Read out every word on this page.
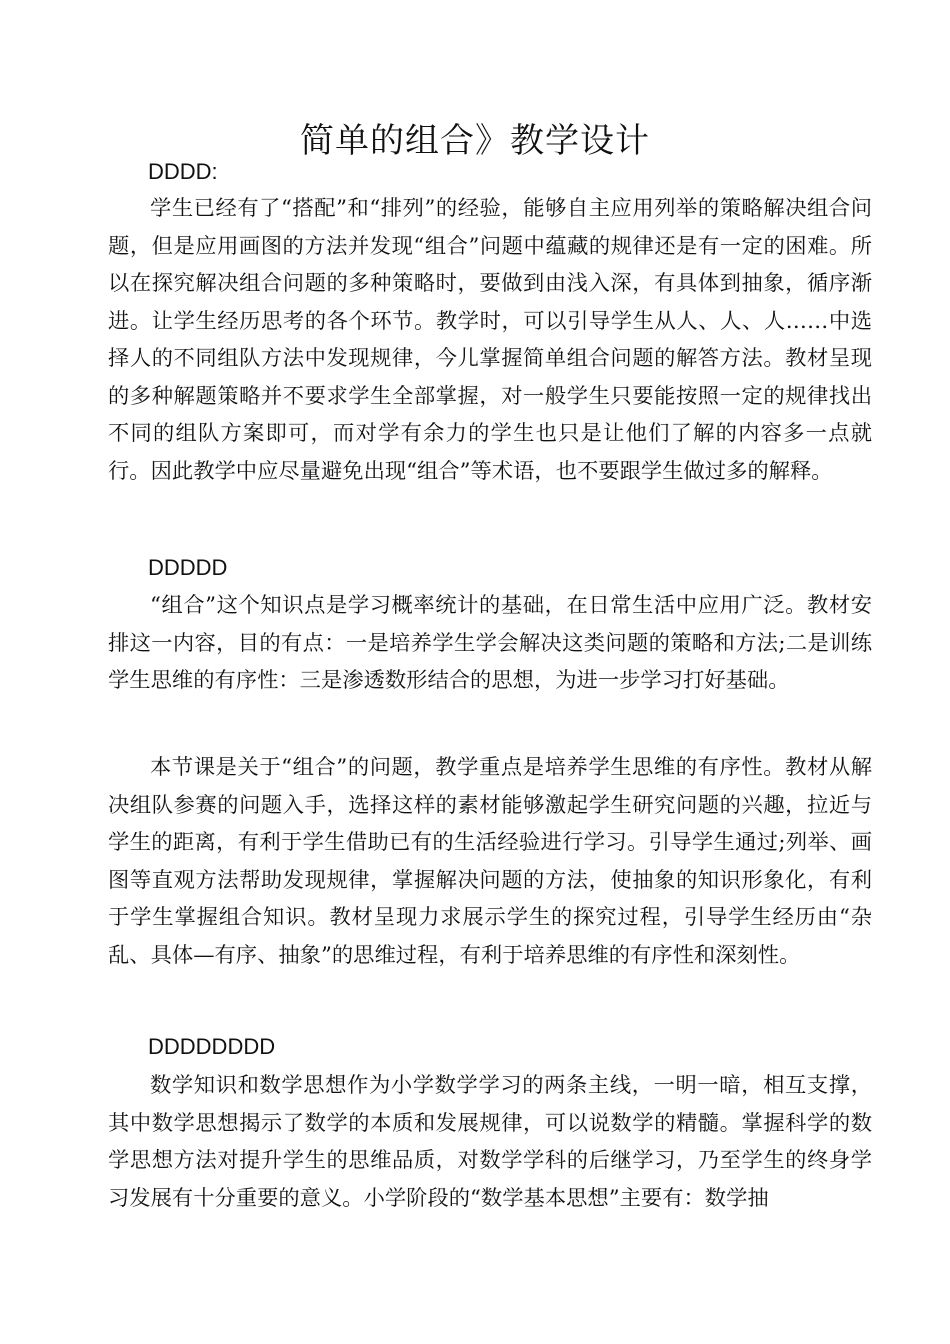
简单的组合》教学设计
DDDD:

学生已经有了“搭配”和“排列”的经验，能够自主应用列举的策略解决组合问题，但是应用画图的方法并发现“组合”问题中蕴藏的规律还是有一定的困难。所以在探究解决组合问题的多种策略时，要做到由浅入深，有具体到抽象，循序渐进。让学生经历思考的各个环节。教学时，可以引导学生从人、人、人……中选择人的不同组队方法中发现规律，今儿掌握简单组合问题的解答方法。教材呈现的多种解题策略并不要求学生全部掌握，对一般学生只要能按照一定的规律找出不同的组队方案即可，而对学有余力的学生也只是让他们了解的内容多一点就行。因此教学中应尽量避免出现“组合”等术语，也不要跟学生做过多的解释。

DDDDD

“组合”这个知识点是学习概率统计的基础，在日常生活中应用广泛。教材安排这一内容，目的有点：一是培养学生学会解决这类问题的策略和方法;二是训练学生思维的有序性：三是渗透数形结合的思想，为进一步学习打好基础。

本节课是关于“组合”的问题，教学重点是培养学生思维的有序性。教材从解决组队参赛的问题入手，选择这样的素材能够激起学生研究问题的兴趣，拉近与学生的距离，有利于学生借助已有的生活经验进行学习。引导学生通过;列举、画图等直观方法帮助发现规律，掌握解决问题的方法，使抽象的知识形象化，有利于学生掌握组合知识。教材呈现力求展示学生的探究过程，引导学生经历由“杂乱、具体—有序、抽象”的思维过程，有利于培养思维的有序性和深刻性。

DDDDDDDD

数学知识和数学思想作为小学数学学习的两条主线，一明一暗，相互支撑，其中数学思想揭示了数学的本质和发展规律，可以说数学的精髓。掌握科学的数学思想方法对提升学生的思维品质，对数学学科的后继学习，乃至学生的终身学习发展有十分重要的意义。小学阶段的“数学基本思想”主要有：数学抽
